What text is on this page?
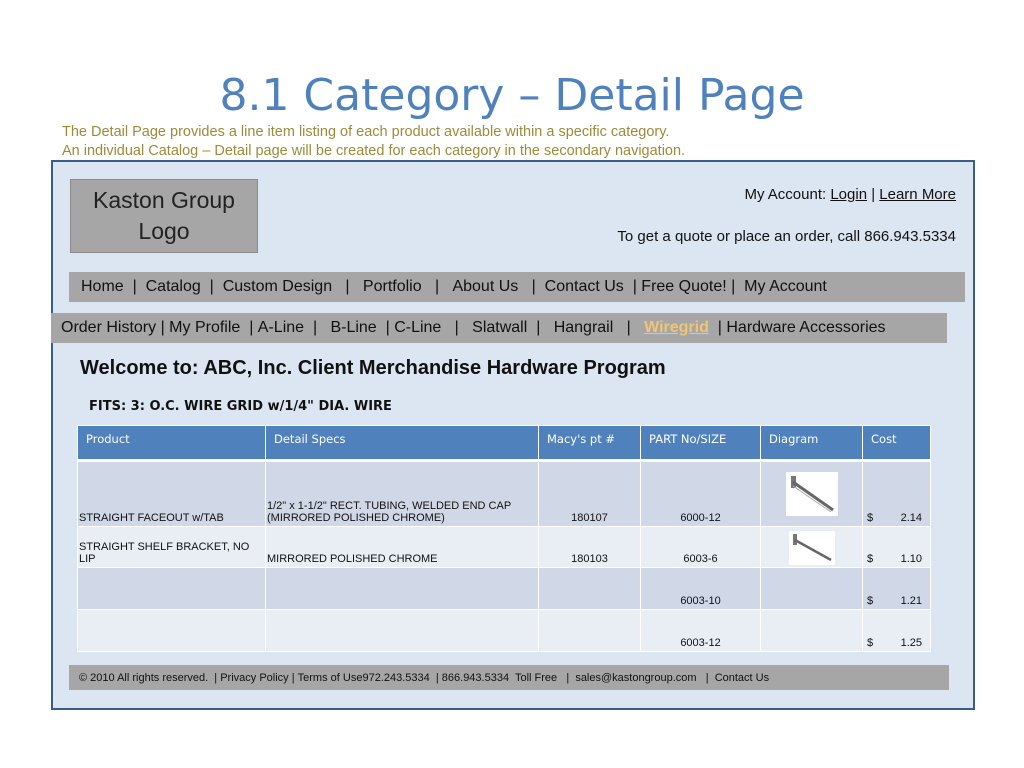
8.1 Category – Detail Page
The Detail Page provides a line item listing of each product available within a specific category.
An individual Catalog – Detail page will be created for each category in the secondary navigation.
Kaston Group Logo
My Account: Login | Learn More
To get a quote or place an order, call 866.943.5334
Home | Catalog | Custom Design | Portfolio | About Us | Contact Us | Free Quote! | My Account
Order History | My Profile | A-Line | B-Line | C-Line | Slatwall | Hangrail | Wiregrid | Hardware Accessories
Welcome to: ABC, Inc. Client Merchandise Hardware Program
FITS: 3: O.C. WIRE GRID w/1/4" DIA. WIRE
Product	Detail Specs	Macy's pt #	PART No/SIZE	Diagram	Cost
STRAIGHT FACEOUT w/TAB	1/2" x 1-1/2" RECT. TUBING, WELDED END CAP (MIRRORED POLISHED CHROME)	180107	6000-12		$ 2.14

STRAIGHT SHELF BRACKET, NO LIP	MIRRORED POLISHED CHROME	180103	6003-6		$ 1.10

			6003-10		$ 1.21

			6003-12		$ 1.25
© 2010 All rights reserved. | Privacy Policy | Terms of Use 972.243.5334 | 866.943.5334  Toll Free | sales@kastongroup.com | Contact Us
